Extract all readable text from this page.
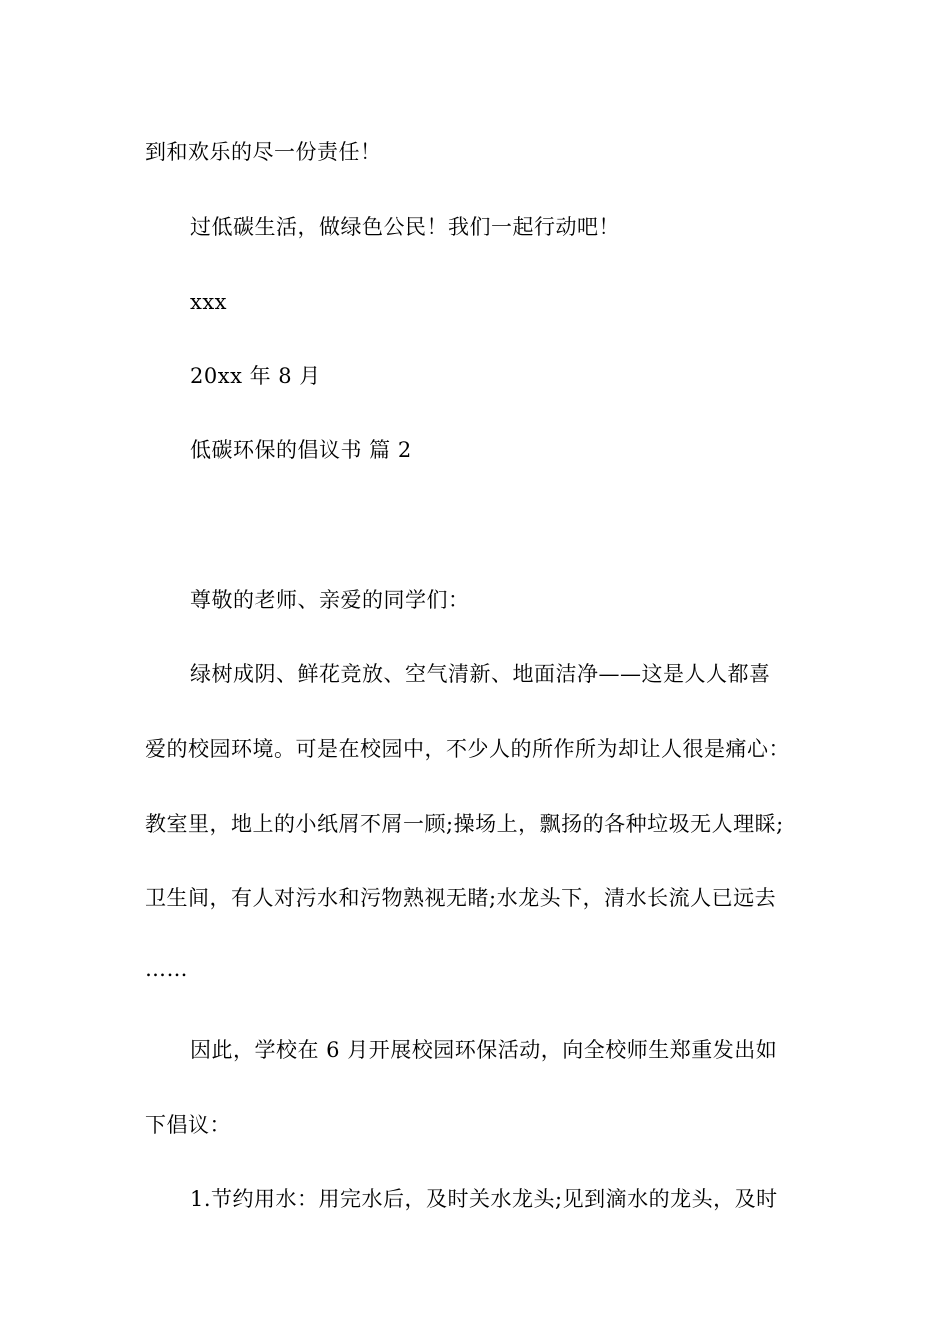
到和欢乐的尽一份责任！
过低碳生活，做绿色公民！我们一起行动吧！
xxx
20xx 年 8 月
低碳环保的倡议书 篇 2
尊敬的老师、亲爱的同学们：
绿树成阴、鲜花竞放、空气清新、地面洁净——这是人人都喜
爱的校园环境。可是在校园中，不少人的所作所为却让人很是痛心：
教室里，地上的小纸屑不屑一顾;操场上，飘扬的各种垃圾无人理睬;
卫生间，有人对污水和污物熟视无睹;水龙头下，清水长流人已远去
……
因此，学校在 6 月开展校园环保活动，向全校师生郑重发出如
下倡议：
1.节约用水：用完水后，及时关水龙头;见到滴水的龙头，及时
